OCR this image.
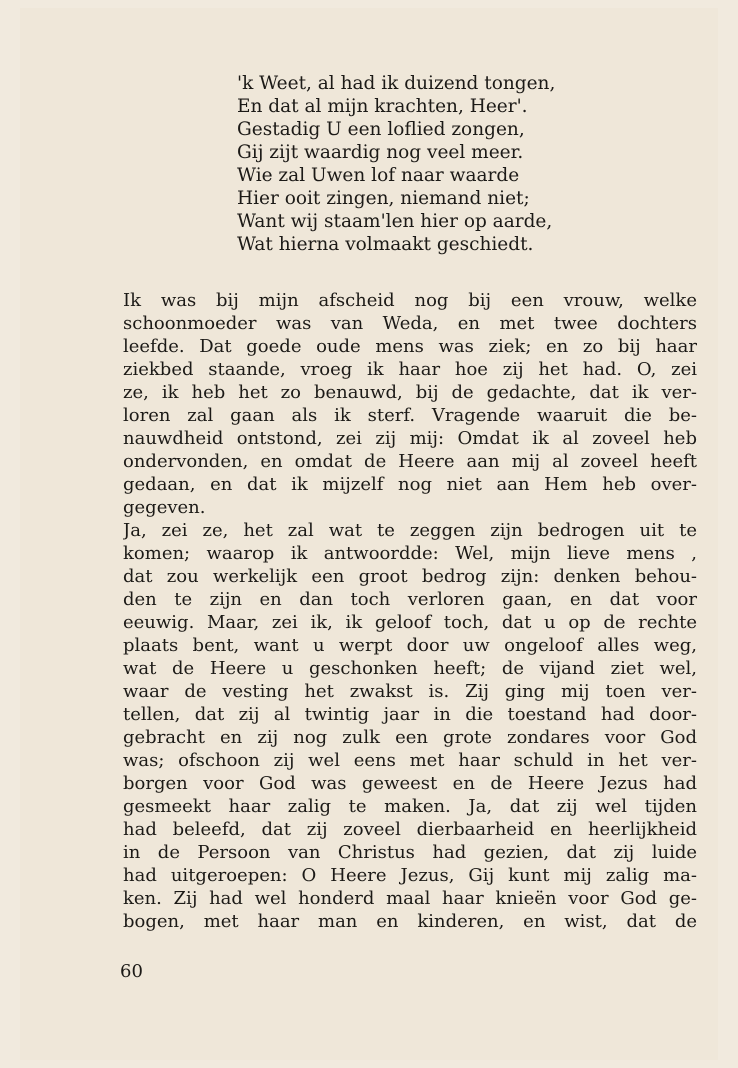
'k Weet, al had ik duizend tongen,
En dat al mijn krachten, Heer'.
Gestadig U een loflied zongen,
Gij zijt waardig nog veel meer.
Wie zal Uwen lof naar waarde
Hier ooit zingen, niemand niet;
Want wij staam'len hier op aarde,
Wat hierna volmaakt geschiedt.
Ik was bij mijn afscheid nog bij een vrouw, welke
schoonmoeder was van Weda, en met twee dochters
leefde. Dat goede oude mens was ziek; en zo bij haar
ziekbed staande, vroeg ik haar hoe zij het had. O, zei
ze, ik heb het zo benauwd, bij de gedachte, dat ik ver-
loren zal gaan als ik sterf. Vragende waaruit die be-
nauwdheid ontstond, zei zij mij: Omdat ik al zoveel heb
ondervonden, en omdat de Heere aan mij al zoveel heeft
gedaan, en dat ik mijzelf nog niet aan Hem heb over-
gegeven.
Ja, zei ze, het zal wat te zeggen zijn bedrogen uit te
komen; waarop ik antwoordde: Wel, mijn lieve mens ,
dat zou werkelijk een groot bedrog zijn: denken behou-
den te zijn en dan toch verloren gaan, en dat voor
eeuwig. Maar, zei ik, ik geloof toch, dat u op de rechte
plaats bent, want u werpt door uw ongeloof alles weg,
wat de Heere u geschonken heeft; de vijand ziet wel,
waar de vesting het zwakst is. Zij ging mij toen ver-
tellen, dat zij al twintig jaar in die toestand had door-
gebracht en zij nog zulk een grote zondares voor God
was; ofschoon zij wel eens met haar schuld in het ver-
borgen voor God was geweest en de Heere Jezus had
gesmeekt haar zalig te maken. Ja, dat zij wel tijden
had beleefd, dat zij zoveel dierbaarheid en heerlijkheid
in de Persoon van Christus had gezien, dat zij luide
had uitgeroepen: O Heere Jezus, Gij kunt mij zalig ma-
ken. Zij had wel honderd maal haar knieën voor God ge-
bogen, met haar man en kinderen, en wist, dat de
60
